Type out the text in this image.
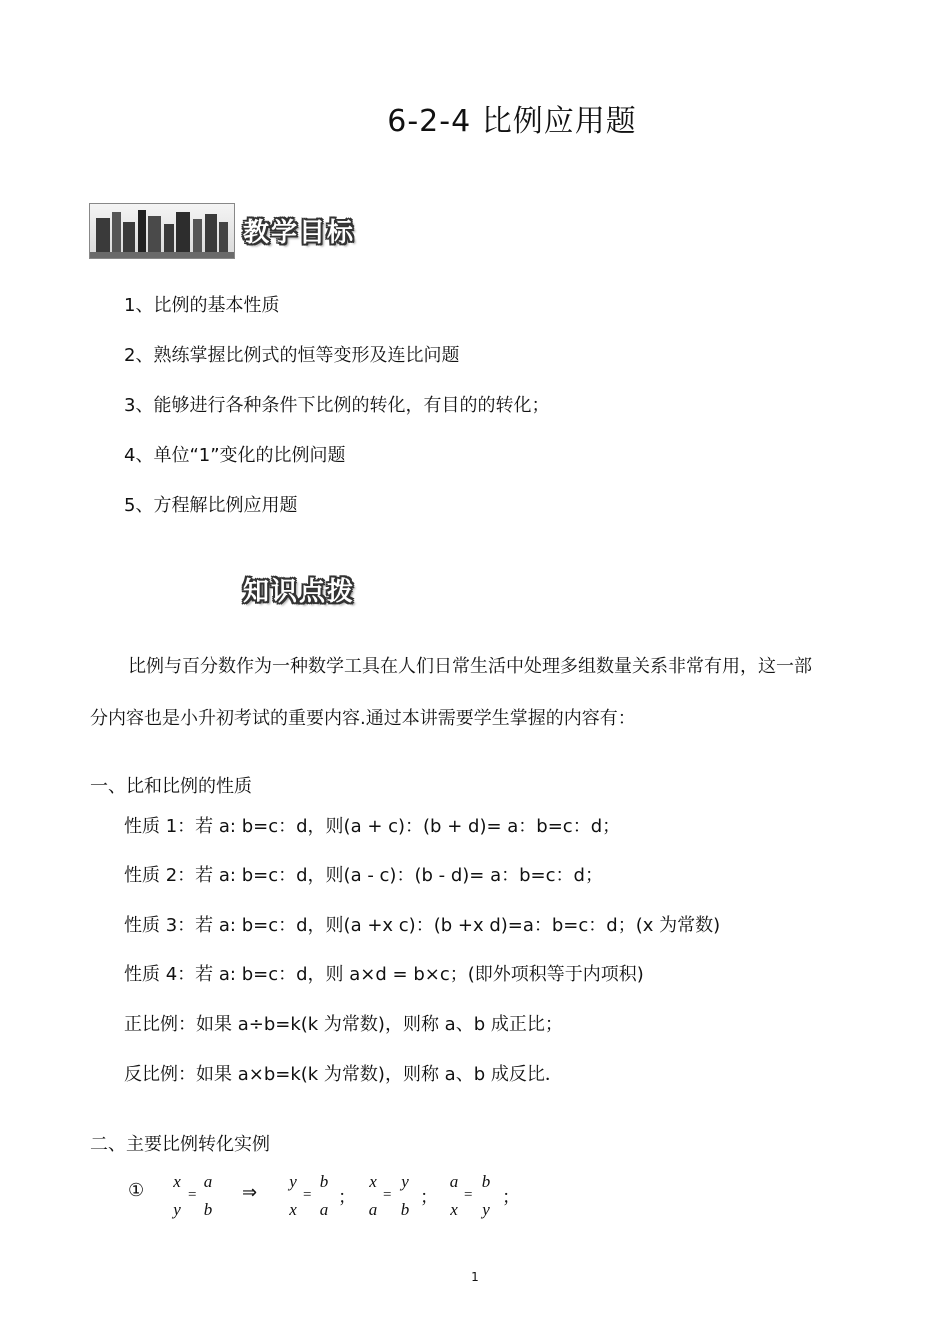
6-2-4 比例应用题
教学目标
1、比例的基本性质
2、熟练掌握比例式的恒等变形及连比问题
3、能够进行各种条件下比例的转化，有目的的转化；
4、单位“1”变化的比例问题
5、方程解比例应用题
知识点拨
比例与百分数作为一种数学工具在人们日常生活中处理多组数量关系非常有用，这一部
分内容也是小升初考试的重要内容.通过本讲需要学生掌握的内容有：
一、比和比例的性质
性质 1：若 a: b=c：d，则(a + c)：(b + d)= a：b=c：d；
性质 2：若 a: b=c：d，则(a - c)：(b - d)= a：b=c：d；
性质 3：若 a: b=c：d，则(a +x c)：(b +x d)=a：b=c：d；(x 为常数)
性质 4：若 a: b=c：d，则 a×d = b×c；(即外项积等于内项积)
正比例：如果 a÷b=k(k 为常数)，则称 a、b 成正比；
反比例：如果 a×b=k(k 为常数)，则称 a、b 成反比．
二、主要比例转化实例
① x
y
=
a
b
⇒
y
x
=
b
a
；
x
a
=
y
b
；
a
x
=
b
y
；
1
